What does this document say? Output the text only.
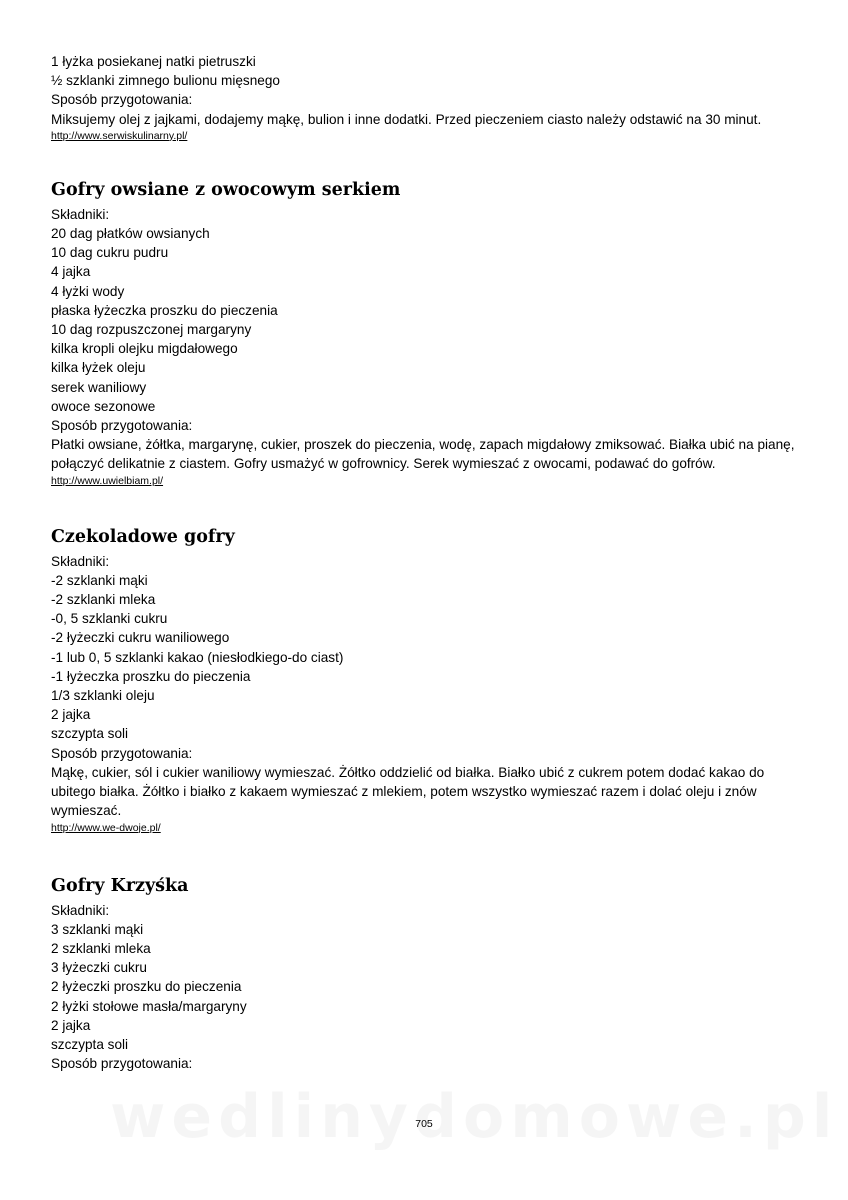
1 łyżka posiekanej natki pietruszki

½ szklanki zimnego bulionu mięsnego

Sposób przygotowania:

Miksujemy olej z jajkami, dodajemy mąkę, bulion i inne dodatki. Przed pieczeniem ciasto należy odstawić na 30 minut.

http://www.serwiskulinarny.pl/
Gofry owsiane z owocowym serkiem

Składniki:

20 dag płatków owsianych

10 dag cukru pudru

4 jajka

4 łyżki wody

płaska łyżeczka proszku do pieczenia

10 dag rozpuszczonej margaryny

kilka kropli olejku migdałowego

kilka łyżek oleju

serek waniliowy

owoce sezonowe

Sposób przygotowania:

Płatki owsiane, żółtka, margarynę, cukier, proszek do pieczenia, wodę, zapach migdałowy zmiksować. Białka ubić na pianę, połączyć delikatnie z ciastem. Gofry usmażyć w gofrownicy. Serek wymieszać z owocami, podawać do gofrów.

http://www.uwielbiam.pl/
Czekoladowe gofry

Składniki:

-2 szklanki mąki

-2 szklanki mleka

-0, 5 szklanki cukru

-2 łyżeczki cukru waniliowego

-1 lub 0, 5 szklanki kakao (niesłodkiego-do ciast)

-1 łyżeczka proszku do pieczenia

1/3 szklanki oleju

2 jajka

szczypta soli

Sposób przygotowania:

Mąkę, cukier, sól i cukier waniliowy wymieszać. Żółtko oddzielić od białka. Białko ubić z cukrem potem dodać kakao do ubitego białka. Żółtko i białko z kakaem wymieszać z mlekiem, potem wszystko wymieszać razem i dolać oleju i znów wymieszać.

http://www.we-dwoje.pl/
Gofry Krzyśka

Składniki:

3 szklanki mąki

2 szklanki mleka

3 łyżeczki cukru

2 łyżeczki proszku do pieczenia

2 łyżki stołowe masła/margaryny

2 jajka

szczypta soli

Sposób przygotowania:

705
